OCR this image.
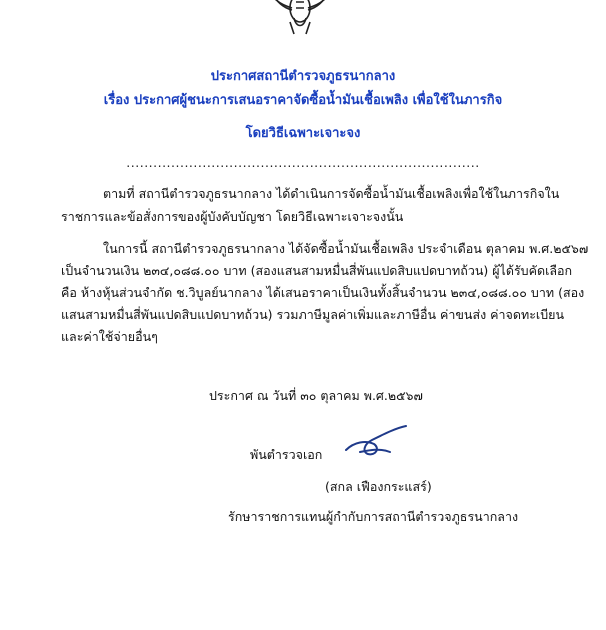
ประกาศสถานีตำรวจภูธรนากลาง
เรื่อง ประกาศผู้ชนะการเสนอราคาจัดซื้อน้ำมันเชื้อเพลิง เพื่อใช้ในภารกิจ
โดยวิธีเฉพาะเจาะจง
...............................................................................
ตามที่ สถานีตำรวจภูธรนากลาง ได้ดำเนินการจัดซื้อน้ำมันเชื้อเพลิงเพื่อใช้ในภารกิจใน
ราชการและข้อสั่งการของผู้บังคับบัญชา โดยวิธีเฉพาะเจาะจงนั้น
ในการนี้ สถานีตำรวจภูธรนากลาง ได้จัดซื้อน้ำมันเชื้อเพลิง ประจำเดือน ตุลาคม พ.ศ.๒๕๖๗
เป็นจำนวนเงิน ๒๓๔,๐๘๘.๐๐ บาท (สองแสนสามหมื่นสี่พันแปดสิบแปดบาทถ้วน) ผู้ได้รับคัดเลือก
คือ ห้างหุ้นส่วนจำกัด ช.วิบูลย์นากลาง ได้เสนอราคาเป็นเงินทั้งสิ้นจำนวน ๒๓๔,๐๘๘.๐๐ บาท (สอง
แสนสามหมื่นสี่พันแปดสิบแปดบาทถ้วน) รวมภาษีมูลค่าเพิ่มและภาษีอื่น ค่าขนส่ง ค่าจดทะเบียน
และค่าใช้จ่ายอื่นๆ
ประกาศ ณ วันที่ ๓๐ ตุลาคม พ.ศ.๒๕๖๗
พันตำรวจเอก
(สกล เฟืองกระแสร์)
รักษาราชการแทนผู้กำกับการสถานีตำรวจภูธรนากลาง
